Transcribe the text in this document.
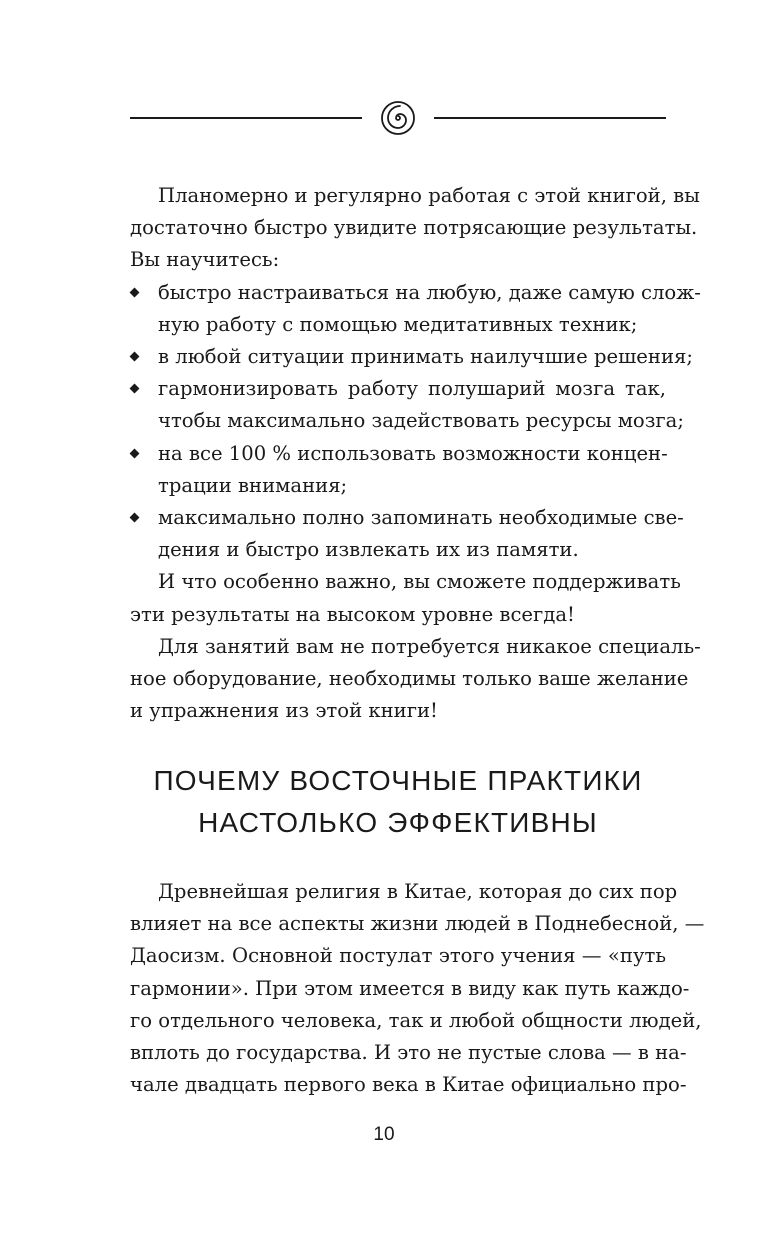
Планомерно и регулярно работая с этой книгой, вы
достаточно быстро увидите потрясающие результаты.
Вы научитесь:
быстро настраиваться на любую, даже самую слож-
ную работу с помощью медитативных техник;
в любой ситуации принимать наилучшие решения;
гармонизировать работу полушарий мозга так,
чтобы максимально задействовать ресурсы мозга;
на все 100 % использовать возможности концен-
трации внимания;
максимально полно запоминать необходимые све-
дения и быстро извлекать их из памяти.
И что особенно важно, вы сможете поддерживать
эти результаты на высоком уровне всегда!
Для занятий вам не потребуется никакое специаль-
ное оборудование, необходимы только ваше желание
и упражнения из этой книги!
ПОЧЕМУ ВОСТОЧНЫЕ ПРАКТИКИ
НАСТОЛЬКО ЭФФЕКТИВНЫ
Древнейшая религия в Китае, которая до сих пор
влияет на все аспекты жизни людей в Поднебесной, —
Даосизм. Основной постулат этого учения — «путь
гармонии». При этом имеется в виду как путь каждо-
го отдельного человека, так и любой общности людей,
вплоть до государства. И это не пустые слова — в на-
чале двадцать первого века в Китае официально про-
10
